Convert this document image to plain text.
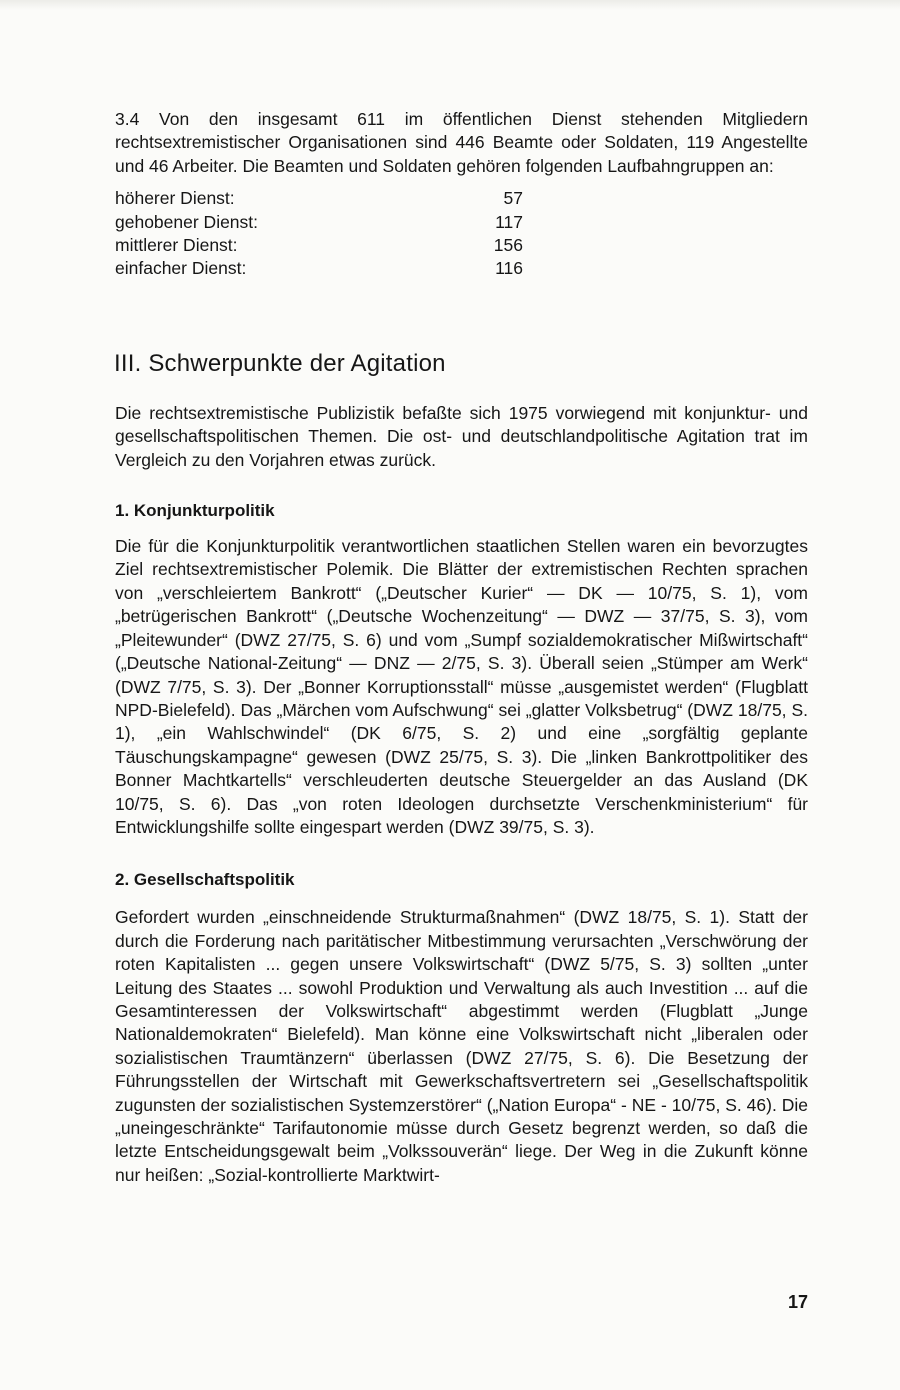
3.4 Von den insgesamt 611 im öffentlichen Dienst stehenden Mitgliedern rechtsextremistischer Organisationen sind 446 Beamte oder Soldaten, 119 Angestellte und 46 Arbeiter. Die Beamten und Soldaten gehören folgenden Laufbahngruppen an:

höherer Dienst:	57
gehobener Dienst:	117
mittlerer Dienst:	156
einfacher Dienst:	116
III. Schwerpunkte der Agitation

Die rechtsextremistische Publizistik befaßte sich 1975 vorwiegend mit konjunktur- und gesellschaftspolitischen Themen. Die ost- und deutschlandpolitische Agitation trat im Vergleich zu den Vorjahren etwas zurück.

1. Konjunkturpolitik

Die für die Konjunkturpolitik verantwortlichen staatlichen Stellen waren ein bevorzugtes Ziel rechtsextremistischer Polemik. Die Blätter der extremistischen Rechten sprachen von „verschleiertem Bankrott“ („Deutscher Kurier“ — DK — 10/75, S. 1), vom „betrügerischen Bankrott“ („Deutsche Wochenzeitung“ — DWZ — 37/75, S. 3), vom „Pleitewunder“ (DWZ 27/75, S. 6) und vom „Sumpf sozialdemokratischer Mißwirtschaft“ („Deutsche National-Zeitung“ — DNZ — 2/75, S. 3). Überall seien „Stümper am Werk“ (DWZ 7/75, S. 3). Der „Bonner Korruptionsstall“ müsse „ausgemistet werden“ (Flugblatt NPD-Bielefeld). Das „Märchen vom Aufschwung“ sei „glatter Volksbetrug“ (DWZ 18/75, S. 1), „ein Wahlschwindel“ (DK 6/75, S. 2) und eine „sorgfältig geplante Täuschungskampagne“ gewesen (DWZ 25/75, S. 3). Die „linken Bankrottpolitiker des Bonner Machtkartells“ verschleuderten deutsche Steuergelder an das Ausland (DK 10/75, S. 6). Das „von roten Ideologen durchsetzte Verschenkministerium“ für Entwicklungshilfe sollte eingespart werden (DWZ 39/75, S. 3).

2. Gesellschaftspolitik

Gefordert wurden „einschneidende Strukturmaßnahmen“ (DWZ 18/75, S. 1). Statt der durch die Forderung nach paritätischer Mitbestimmung verursachten „Verschwörung der roten Kapitalisten ... gegen unsere Volkswirtschaft“ (DWZ 5/75, S. 3) sollten „unter Leitung des Staates ... sowohl Produktion und Verwaltung als auch Investition ... auf die Gesamtinteressen der Volkswirtschaft“ abgestimmt werden (Flugblatt „Junge Nationaldemokraten“ Bielefeld). Man könne eine Volkswirtschaft nicht „liberalen oder sozialistischen Traumtänzern“ überlassen (DWZ 27/75, S. 6). Die Besetzung der Führungsstellen der Wirtschaft mit Gewerkschaftsvertretern sei „Gesellschaftspolitik zugunsten der sozialistischen Systemzerstörer“ („Nation Europa“ - NE - 10/75, S. 46). Die „uneingeschränkte“ Tarifautonomie müsse durch Gesetz begrenzt werden, so daß die letzte Entscheidungsgewalt beim „Volkssouverän“ liege. Der Weg in die Zukunft könne nur heißen: „Sozial-kontrollierte Marktwirt-

17
